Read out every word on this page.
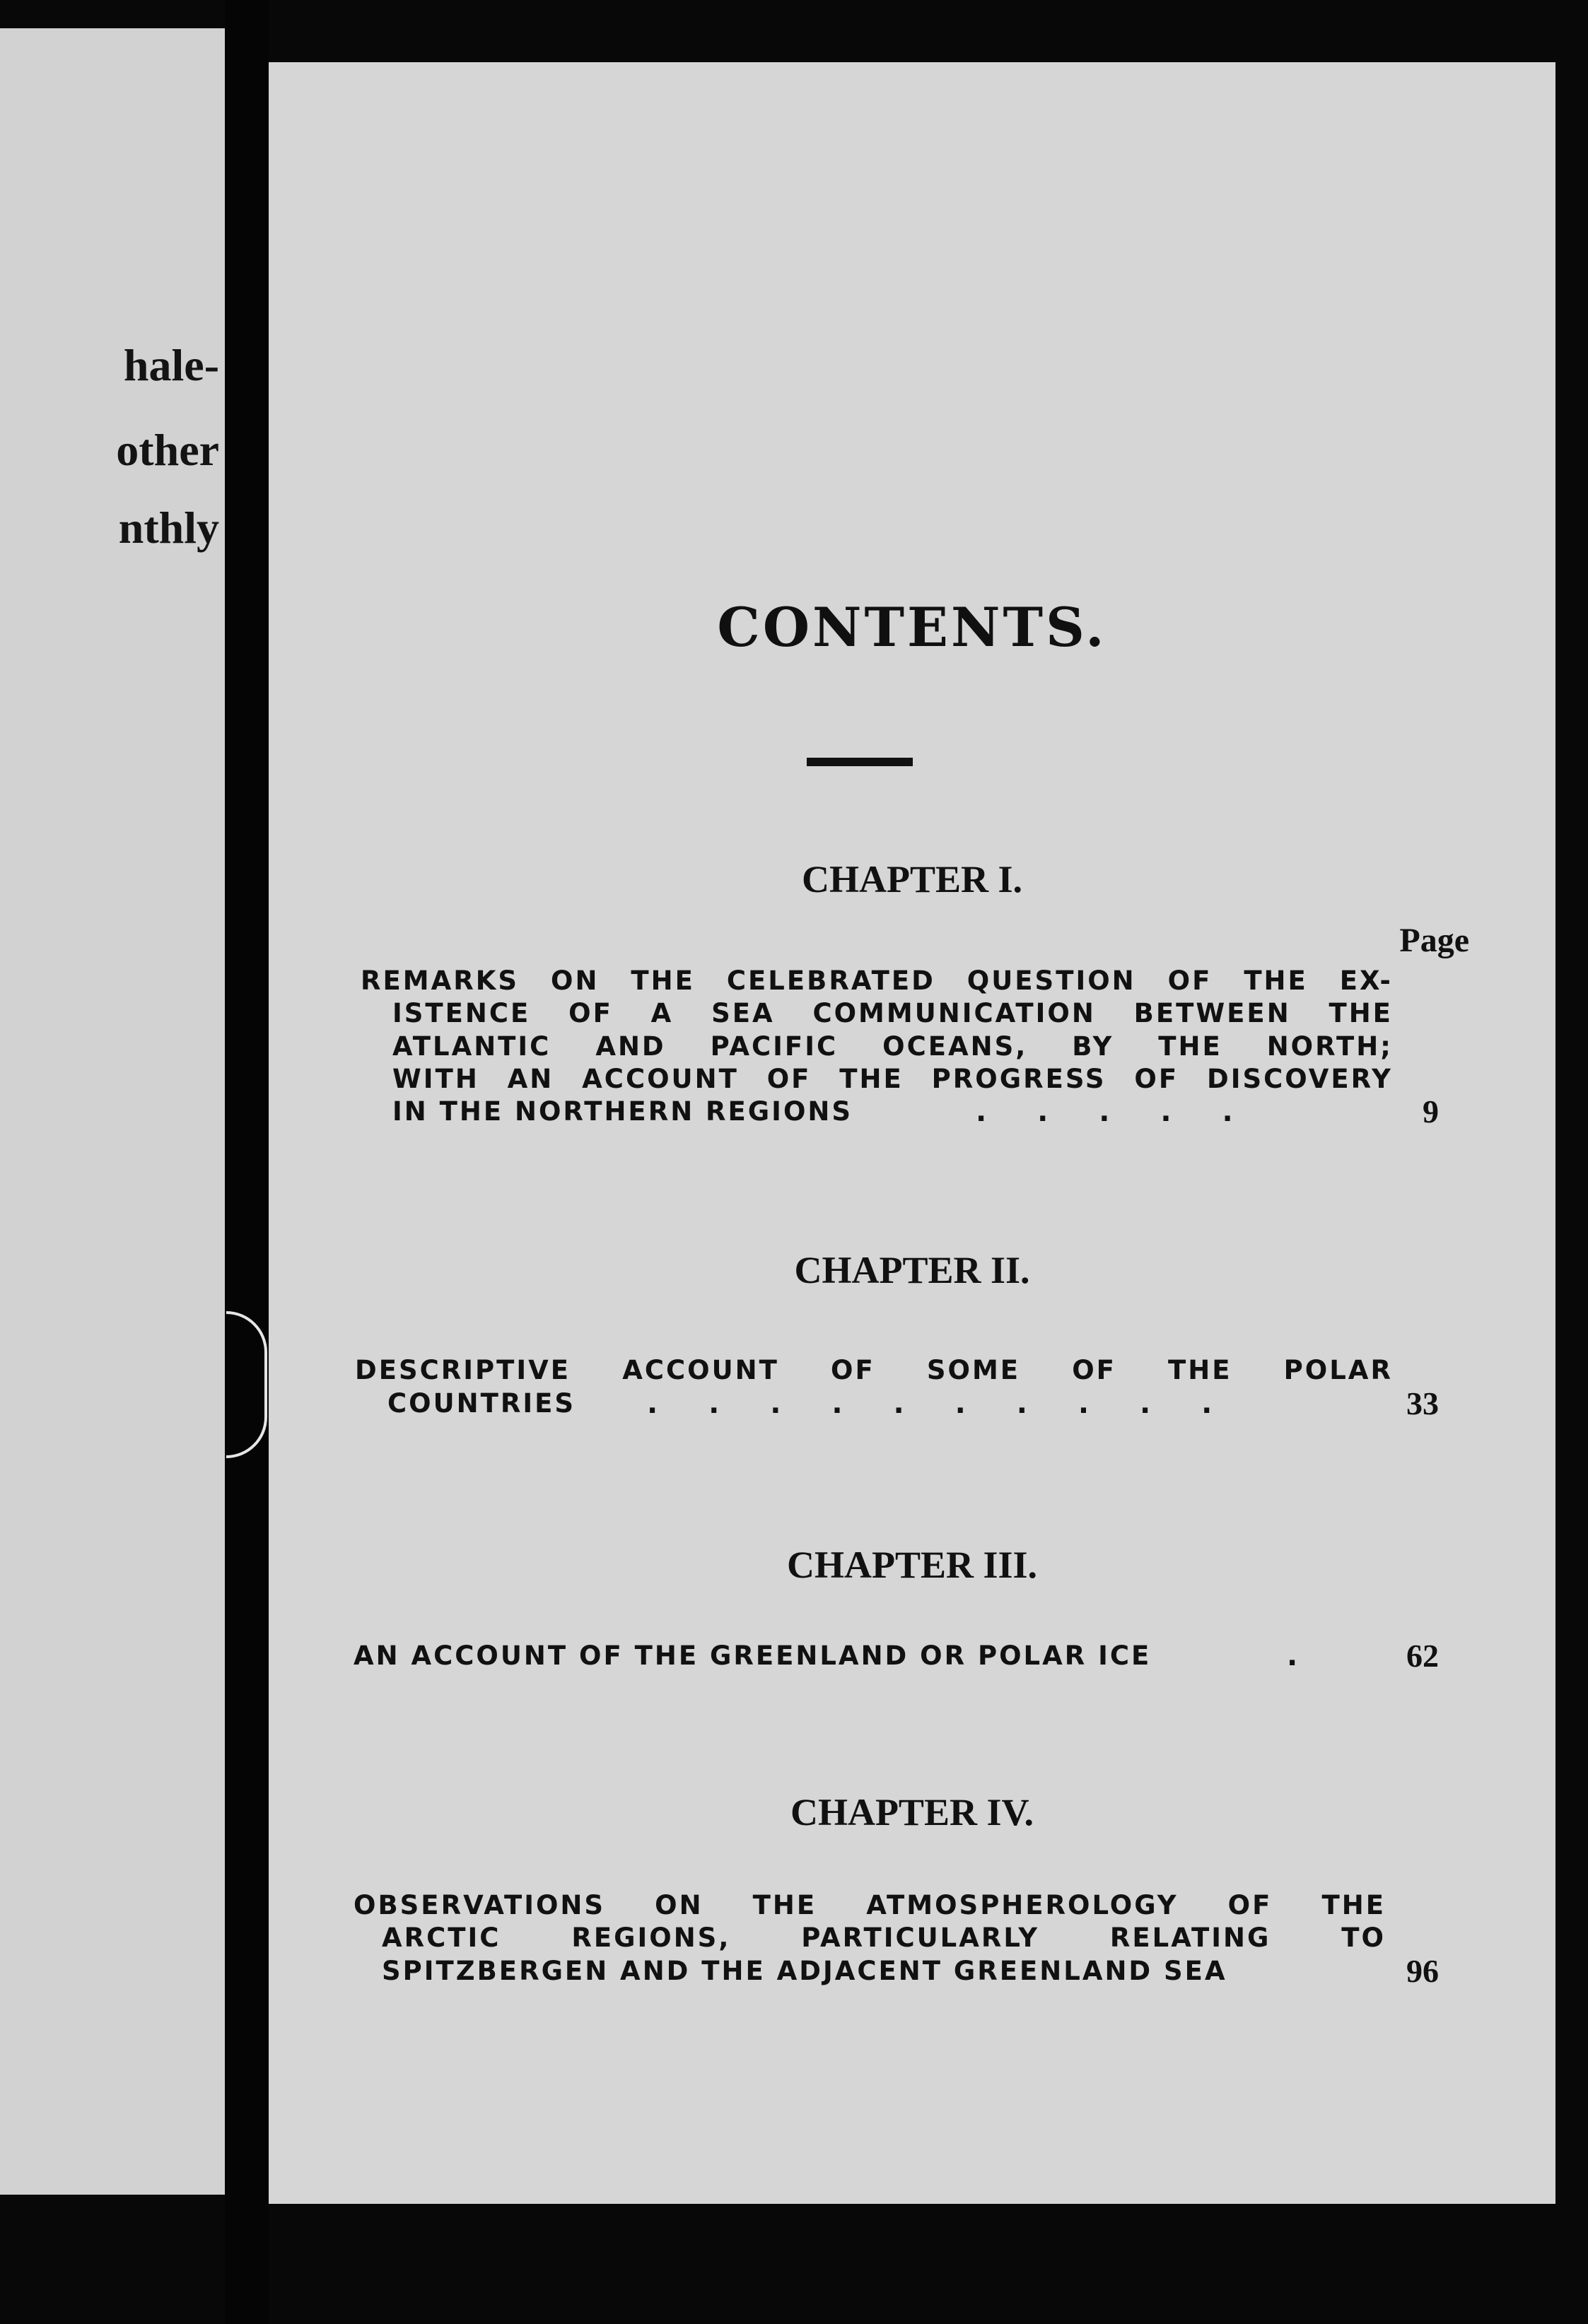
hale-
other
nthly
CONTENTS.
CHAPTER I.
Page
REMARKS ON THE CELEBRATED QUESTION OF THE EX-
ISTENCE OF A SEA COMMUNICATION BETWEEN THE
ATLANTIC AND PACIFIC OCEANS, BY THE NORTH;
WITH AN ACCOUNT OF THE PROGRESS OF DISCOVERY
IN THE NORTHERN REGIONS	. . . . .	9
CHAPTER II.
DESCRIPTIVE ACCOUNT OF SOME OF THE POLAR
COUNTRIES	. . . . . . . . . .	33
CHAPTER III.
AN ACCOUNT OF THE GREENLAND OR POLAR ICE	.	62
CHAPTER IV.
OBSERVATIONS ON THE ATMOSPHEROLOGY OF THE
ARCTIC	REGIONS,	PARTICULARLY	RELATING	TO
SPITZBERGEN AND THE ADJACENT GREENLAND SEA	96
